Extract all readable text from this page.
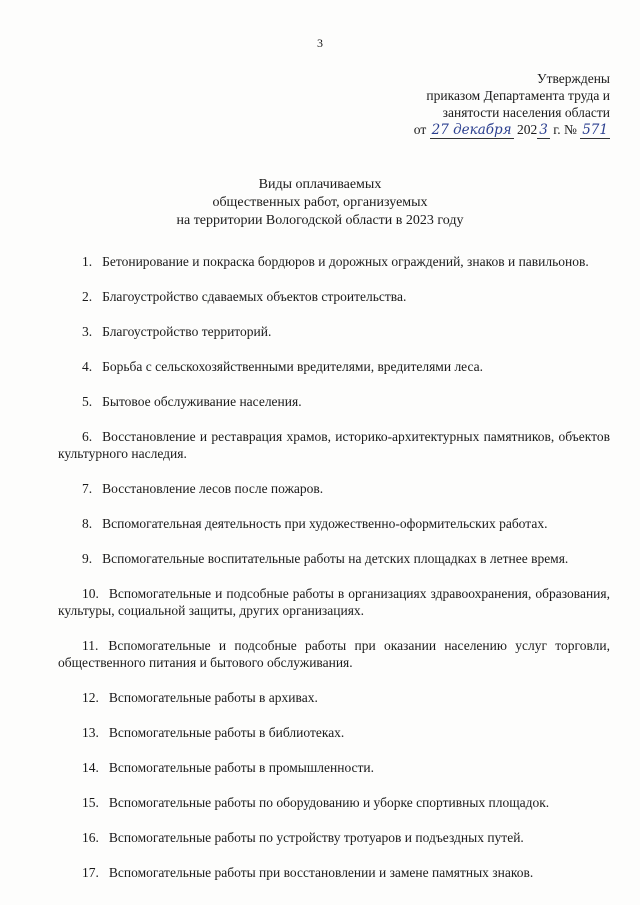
3
Утверждены
приказом Департамента труда и
занятости населения области
от 27 декабря 202 3 г. № 571
Виды оплачиваемых
общественных работ, организуемых
на территории Вологодской области в 2023 году
1. Бетонирование и покраска бордюров и дорожных ограждений, знаков и павильонов.
2. Благоустройство сдаваемых объектов строительства.
3. Благоустройство территорий.
4. Борьба с сельскохозяйственными вредителями, вредителями леса.
5. Бытовое обслуживание населения.
6. Восстановление и реставрация храмов, историко-архитектурных памятников, объектов культурного наследия.
7. Восстановление лесов после пожаров.
8. Вспомогательная деятельность при художественно-оформительских работах.
9. Вспомогательные воспитательные работы на детских площадках в летнее время.
10. Вспомогательные и подсобные работы в организациях здравоохранения, образования, культуры, социальной защиты, других организациях.
11. Вспомогательные и подсобные работы при оказании населению услуг торговли, общественного питания и бытового обслуживания.
12. Вспомогательные работы в архивах.
13. Вспомогательные работы в библиотеках.
14. Вспомогательные работы в промышленности.
15. Вспомогательные работы по оборудованию и уборке спортивных площадок.
16. Вспомогательные работы по устройству тротуаров и подъездных путей.
17. Вспомогательные работы при восстановлении и замене памятных знаков.
